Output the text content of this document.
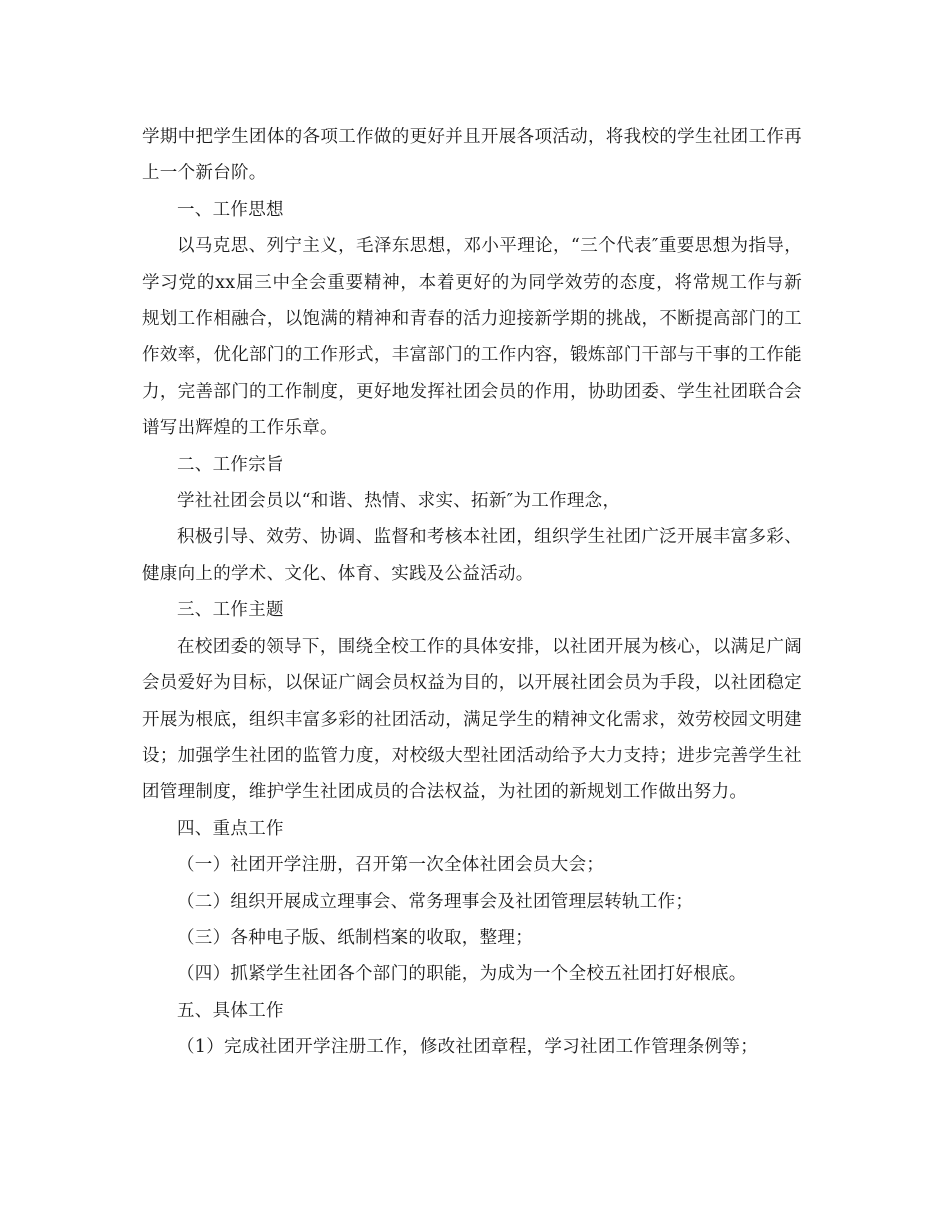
学期中把学生团体的各项工作做的更好并且开展各项活动，将我校的学生社团工作再上一个新台阶。

一、工作思想

以马克思、列宁主义，毛泽东思想，邓小平理论，“三个代表″重要思想为指导，学习党的xx届三中全会重要精神，本着更好的为同学效劳的态度，将常规工作与新规划工作相融合，以饱满的精神和青春的活力迎接新学期的挑战，不断提高部门的工作效率，优化部门的工作形式，丰富部门的工作内容，锻炼部门干部与干事的工作能力，完善部门的工作制度，更好地发挥社团会员的作用，协助团委、学生社团联合会谱写出辉煌的工作乐章。

二、工作宗旨

学社社团会员以“和谐、热情、求实、拓新″为工作理念，

积极引导、效劳、协调、监督和考核本社团，组织学生社团广泛开展丰富多彩、健康向上的学术、文化、体育、实践及公益活动。

三、工作主题

在校团委的领导下，围绕全校工作的具体安排，以社团开展为核心，以满足广阔会员爱好为目标，以保证广阔会员权益为目的，以开展社团会员为手段，以社团稳定开展为根底，组织丰富多彩的社团活动，满足学生的精神文化需求，效劳校园文明建设；加强学生社团的监管力度，对校级大型社团活动给予大力支持；进步完善学生社团管理制度，维护学生社团成员的合法权益，为社团的新规划工作做出努力。

四、重点工作

（一）社团开学注册，召开第一次全体社团会员大会；

（二）组织开展成立理事会、常务理事会及社团管理层转轨工作；

（三）各种电子版、纸制档案的收取，整理；

（四）抓紧学生社团各个部门的职能，为成为一个全校五社团打好根底。

五、具体工作

（1）完成社团开学注册工作，修改社团章程，学习社团工作管理条例等；
